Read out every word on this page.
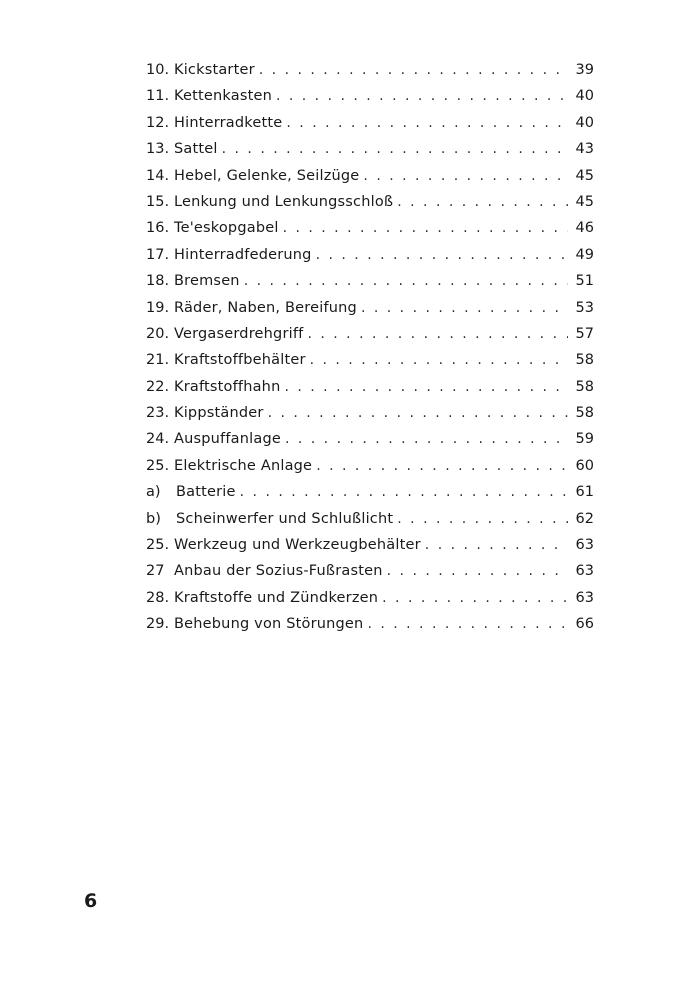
10. Kickstarter . . .	39
11. Kettenkasten . . .	40
12. Hinterradkette . . .	40
13. Sattel . . .	43
14. Hebel, Gelenke, Seilzüge . . .	45
15. Lenkung und Lenkungsschloß . . .	45
16. Te'eskopgabel . . .	46
17. Hinterradfederung . . .	49
18. Bremsen . . .	51
19. Räder, Naben, Bereifung . . .	53
20. Vergaserdrehgriff . . .	57
21. Kraftstoffbehälter . . .	58
22. Kraftstoffhahn . . .	58
23. Kippständer . . .	58
24. Auspuffanlage . . .	59
25. Elektrische Anlage . . .	60
a)	Batterie . . .	61
b)	Scheinwerfer und Schlußlicht . . .	62
25. Werkzeug und Werkzeugbehälter . . .	63
27 Anbau der Sozius-Fußrasten . . .	63
28. Kraftstoffe und Zündkerzen . . .	63
29. Behebung von Störungen . . .	66
6
